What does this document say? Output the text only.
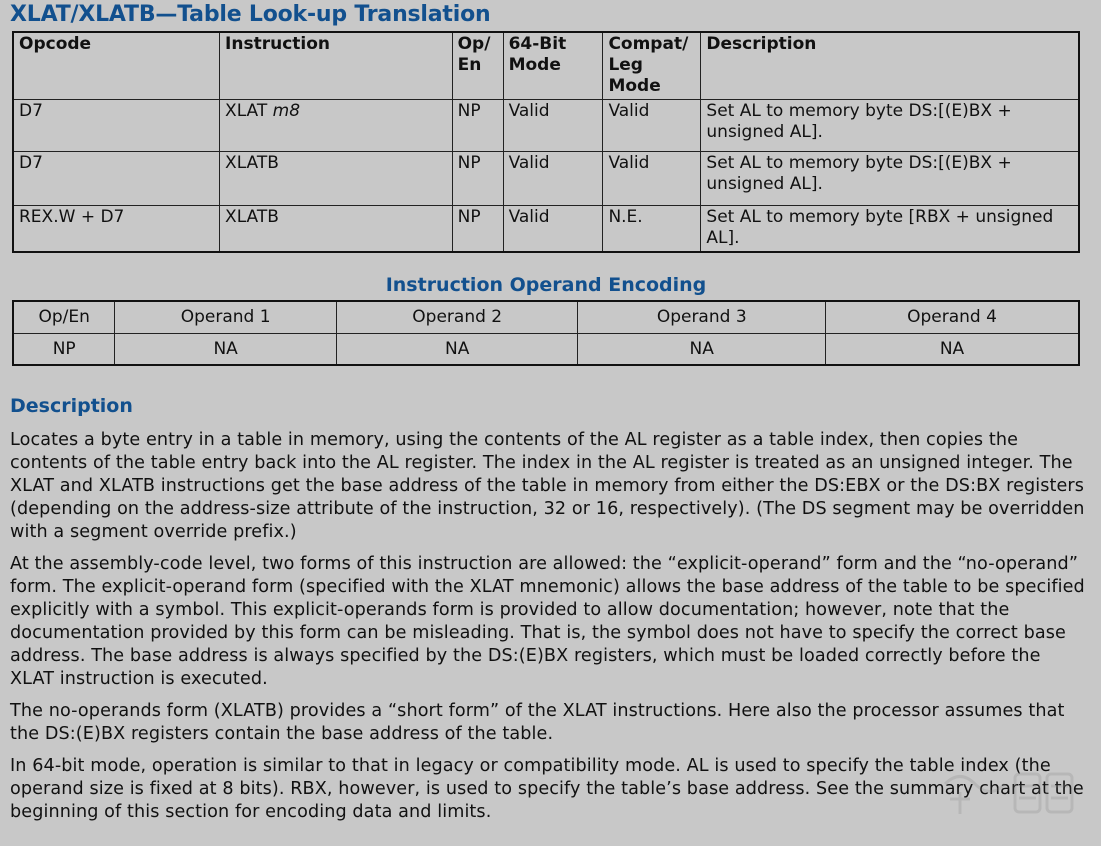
XLAT/XLATB—Table Look-up Translation
Opcode	Instruction	Op/ En	64-Bit Mode	Compat/ Leg Mode	Description
D7	XLAT m8	NP	Valid	Valid	Set AL to memory byte DS:[(E)BX + unsigned AL].
D7	XLATB	NP	Valid	Valid	Set AL to memory byte DS:[(E)BX + unsigned AL].
REX.W + D7	XLATB	NP	Valid	N.E.	Set AL to memory byte [RBX + unsigned AL].
Instruction Operand Encoding
Op/En	Operand 1	Operand 2	Operand 3	Operand 4
NP	NA	NA	NA	NA
Description

Locates a byte entry in a table in memory, using the contents of the AL register as a table index, then copies the contents of the table entry back into the AL register. The index in the AL register is treated as an unsigned integer. The XLAT and XLATB instructions get the base address of the table in memory from either the DS:EBX or the DS:BX registers (depending on the address-size attribute of the instruction, 32 or 16, respectively). (The DS segment may be overridden with a segment override prefix.)

At the assembly-code level, two forms of this instruction are allowed: the “explicit-operand” form and the “no-operand” form. The explicit-operand form (specified with the XLAT mnemonic) allows the base address of the table to be specified explicitly with a symbol. This explicit-operands form is provided to allow documentation; however, note that the documentation provided by this form can be misleading. That is, the symbol does not have to specify the correct base address. The base address is always specified by the DS:(E)BX registers, which must be loaded correctly before the XLAT instruction is executed.

The no-operands form (XLATB) provides a “short form” of the XLAT instructions. Here also the processor assumes that the DS:(E)BX registers contain the base address of the table.

In 64-bit mode, operation is similar to that in legacy or compatibility mode. AL is used to specify the table index (the operand size is fixed at 8 bits). RBX, however, is used to specify the table’s base address. See the summary chart at the beginning of this section for encoding data and limits.
